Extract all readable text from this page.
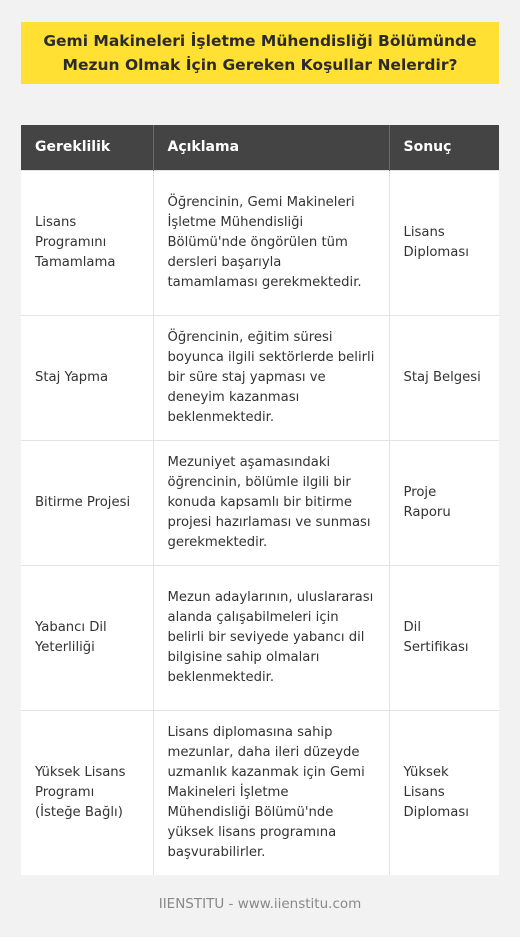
Gemi Makineleri İşletme Mühendisliği Bölümünde Mezun Olmak İçin Gereken Koşullar Nelerdir?
Gereklilik	Açıklama	Sonuç
Lisans Programını Tamamlama	Öğrencinin, Gemi Makineleri İşletme Mühendisliği Bölümü'nde öngörülen tüm dersleri başarıyla tamamlaması gerekmektedir.	Lisans Diploması
Staj Yapma	Öğrencinin, eğitim süresi boyunca ilgili sektörlerde belirli bir süre staj yapması ve deneyim kazanması beklenmektedir.	Staj Belgesi
Bitirme Projesi	Mezuniyet aşamasındaki öğrencinin, bölümle ilgili bir konuda kapsamlı bir bitirme projesi hazırlaması ve sunması gerekmektedir.	Proje Raporu
Yabancı Dil Yeterliliği	Mezun adaylarının, uluslararası alanda çalışabilmeleri için belirli bir seviyede yabancı dil bilgisine sahip olmaları beklenmektedir.	Dil Sertifikası
Yüksek Lisans Programı (İsteğe Bağlı)	Lisans diplomasına sahip mezunlar, daha ileri düzeyde uzmanlık kazanmak için Gemi Makineleri İşletme Mühendisliği Bölümü'nde yüksek lisans programına başvurabilirler.	Yüksek Lisans Diploması
IIENSTITU - www.iienstitu.com
